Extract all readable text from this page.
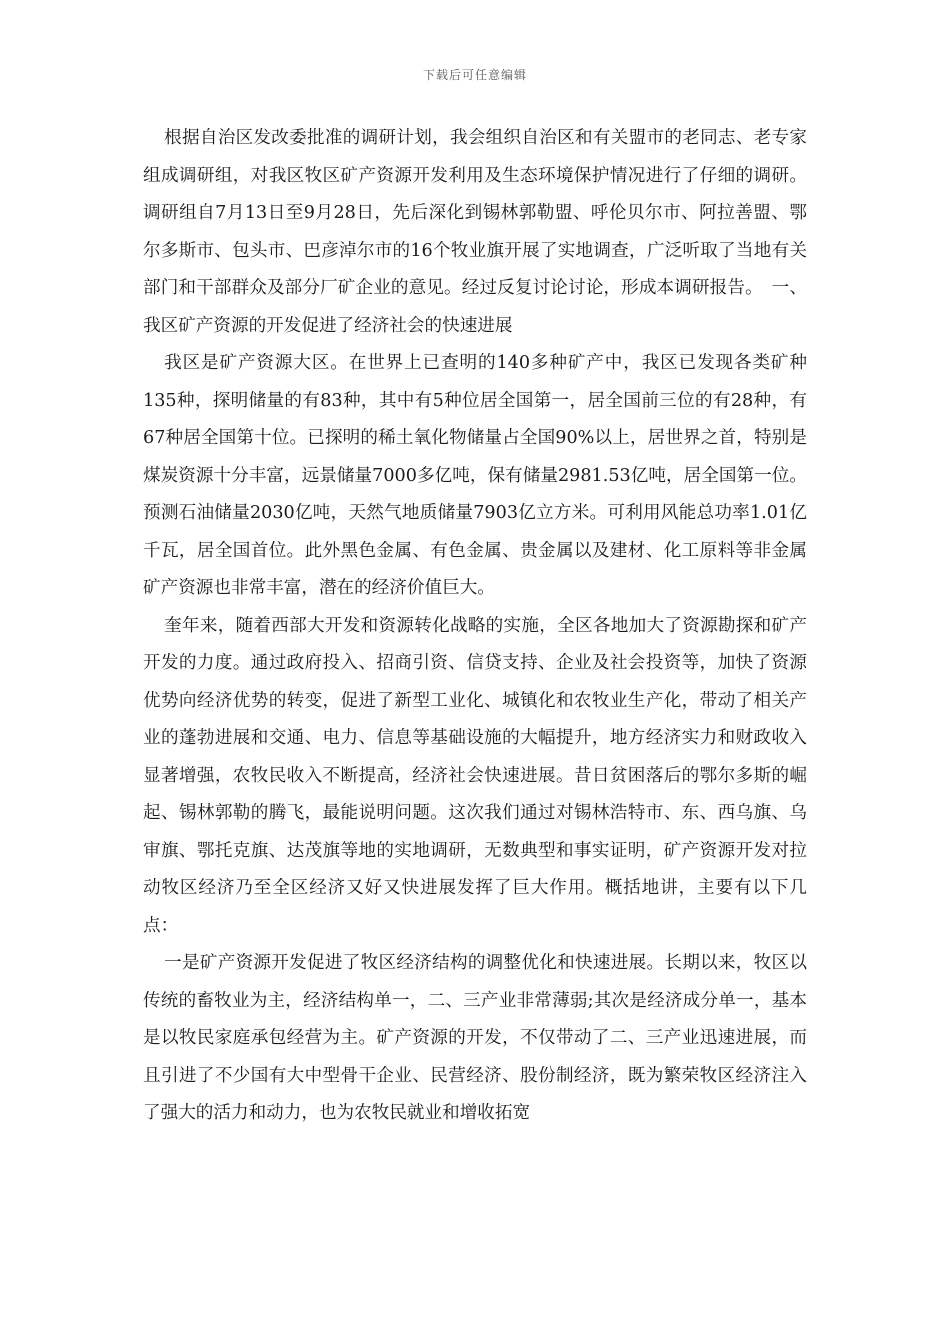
下载后可任意编辑

根据自治区发改委批准的调研计划，我会组织自治区和有关盟市的老同志、老专家组成调研组，对我区牧区矿产资源开发利用及生态环境保护情况进行了仔细的调研。调研组自7月13日至9月28日，先后深化到锡林郭勒盟、呼伦贝尔市、阿拉善盟、鄂尔多斯市、包头市、巴彦淖尔市的16个牧业旗开展了实地调查，广泛听取了当地有关部门和干部群众及部分厂矿企业的意见。经过反复讨论讨论，形成本调研报告。　一、我区矿产资源的开发促进了经济社会的快速进展

我区是矿产资源大区。在世界上已查明的140多种矿产中，我区已发现各类矿种135种，探明储量的有83种，其中有5种位居全国第一，居全国前三位的有28种，有67种居全国第十位。已探明的稀土氧化物储量占全国90%以上，居世界之首，特别是煤炭资源十分丰富，远景储量7000多亿吨，保有储量2981.53亿吨，居全国第一位。预测石油储量2030亿吨，天然气地质储量7903亿立方米。可利用风能总功率1.01亿千瓦，居全国首位。此外黑色金属、有色金属、贵金属以及建材、化工原料等非金属矿产资源也非常丰富，潜在的经济价值巨大。

奎年来，随着西部大开发和资源转化战略的实施，全区各地加大了资源勘探和矿产开发的力度。通过政府投入、招商引资、信贷支持、企业及社会投资等，加快了资源优势向经济优势的转变，促进了新型工业化、城镇化和农牧业生产化，带动了相关产业的蓬勃进展和交通、电力、信息等基础设施的大幅提升，地方经济实力和财政收入显著增强，农牧民收入不断提高，经济社会快速进展。昔日贫困落后的鄂尔多斯的崛起、锡林郭勒的腾飞，最能说明问题。这次我们通过对锡林浩特市、东、西乌旗、乌审旗、鄂托克旗、达茂旗等地的实地调研，无数典型和事实证明，矿产资源开发对拉动牧区经济乃至全区经济又好又快进展发挥了巨大作用。概括地讲，主要有以下几点：

一是矿产资源开发促进了牧区经济结构的调整优化和快速进展。长期以来，牧区以传统的畜牧业为主，经济结构单一，二、三产业非常薄弱;其次是经济成分单一，基本是以牧民家庭承包经营为主。矿产资源的开发，不仅带动了二、三产业迅速进展，而且引进了不少国有大中型骨干企业、民营经济、股份制经济，既为繁荣牧区经济注入了强大的活力和动力，也为农牧民就业和增收拓宽
